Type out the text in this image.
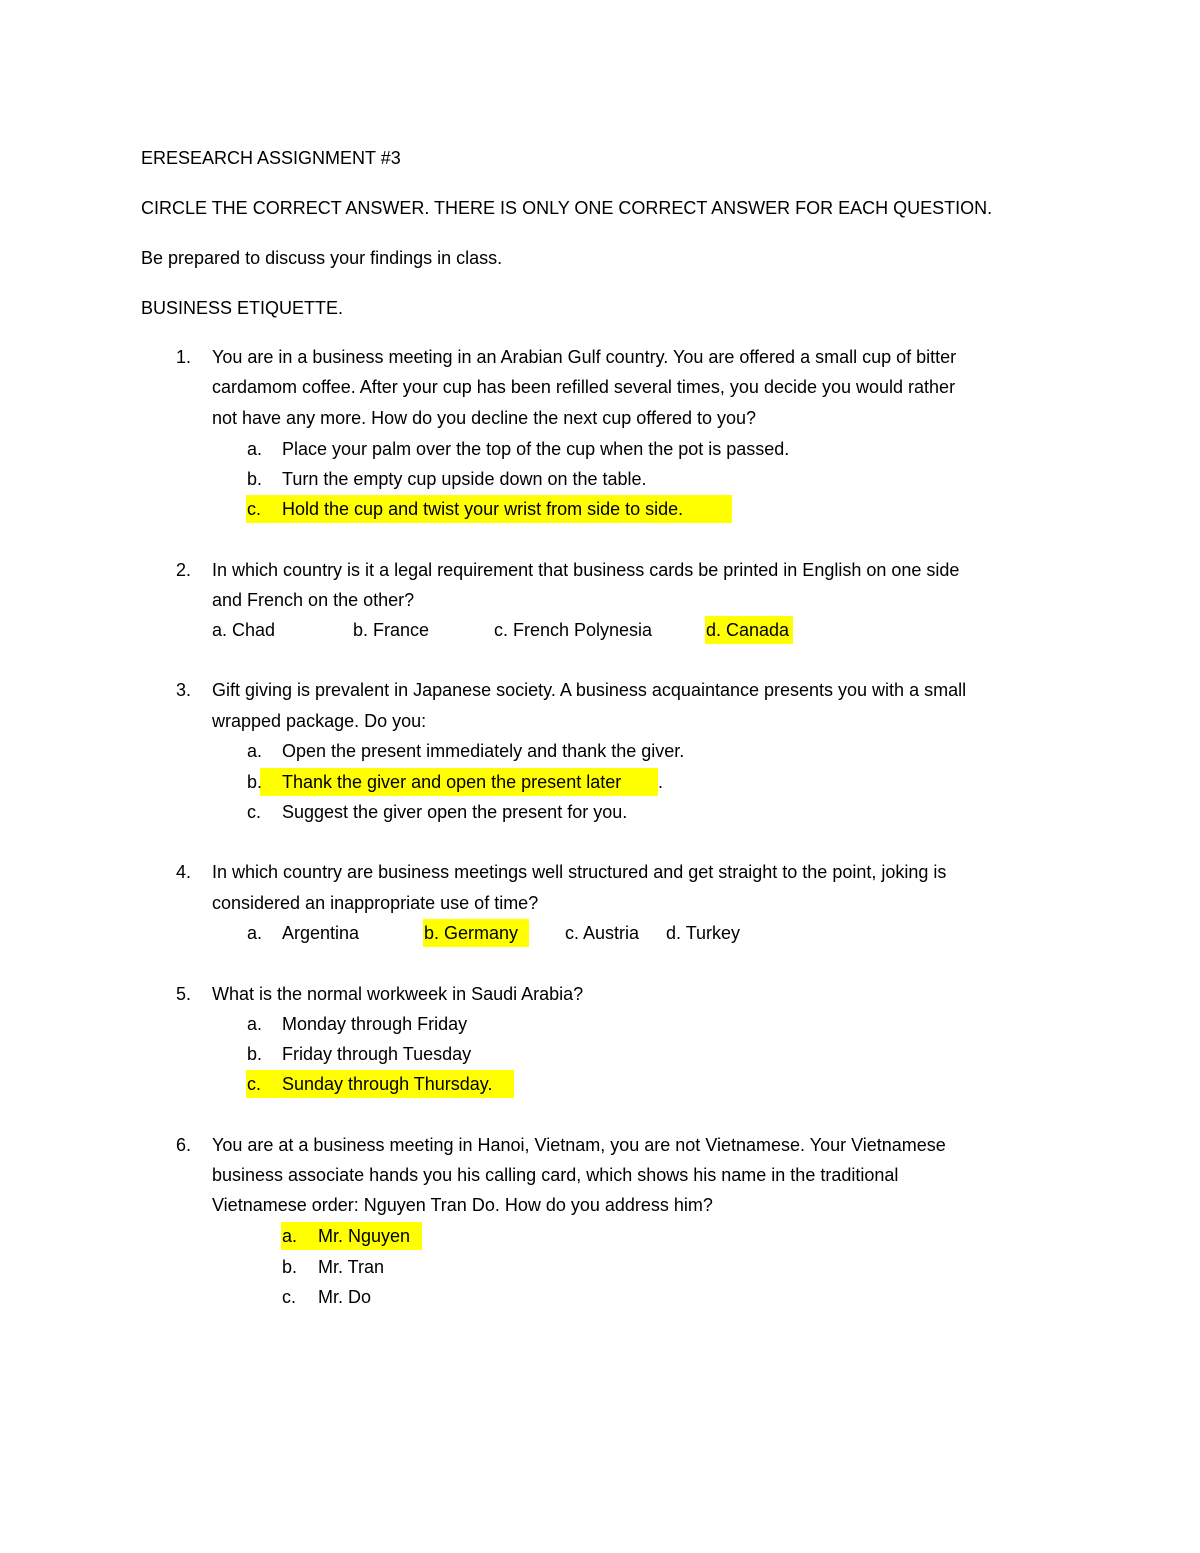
ERESEARCH ASSIGNMENT #3
CIRCLE THE CORRECT ANSWER. THERE IS ONLY ONE CORRECT ANSWER FOR EACH QUESTION.
Be prepared to discuss your findings in class.
BUSINESS ETIQUETTE.
1. You are in a business meeting in an Arabian Gulf country. You are offered a small cup of bitter
cardamom coffee. After your cup has been refilled several times, you decide you would rather
not have any more. How do you decline the next cup offered to you?
a. Place your palm over the top of the cup when the pot is passed.
b. Turn the empty cup upside down on the table.
c. Hold the cup and twist your wrist from side to side.
2. In which country is it a legal requirement that business cards be printed in English on one side
and French on the other?
a. Chad	b. France	c. French Polynesia	d. Canada
3. Gift giving is prevalent in Japanese society. A business acquaintance presents you with a small
wrapped package. Do you:
a. Open the present immediately and thank the giver.
b. Thank the giver and open the present later .
c. Suggest the giver open the present for you.
4. In which country are business meetings well structured and get straight to the point, joking is
considered an inappropriate use of time?
a. Argentina	b. Germany	c. Austria d. Turkey
5. What is the normal workweek in Saudi Arabia?
a. Monday through Friday
b. Friday through Tuesday
c. Sunday through Thursday.
6. You are at a business meeting in Hanoi, Vietnam, you are not Vietnamese. Your Vietnamese
business associate hands you his calling card, which shows his name in the traditional
Vietnamese order: Nguyen Tran Do. How do you address him?
a. Mr. Nguyen
b. Mr. Tran
c. Mr. Do
